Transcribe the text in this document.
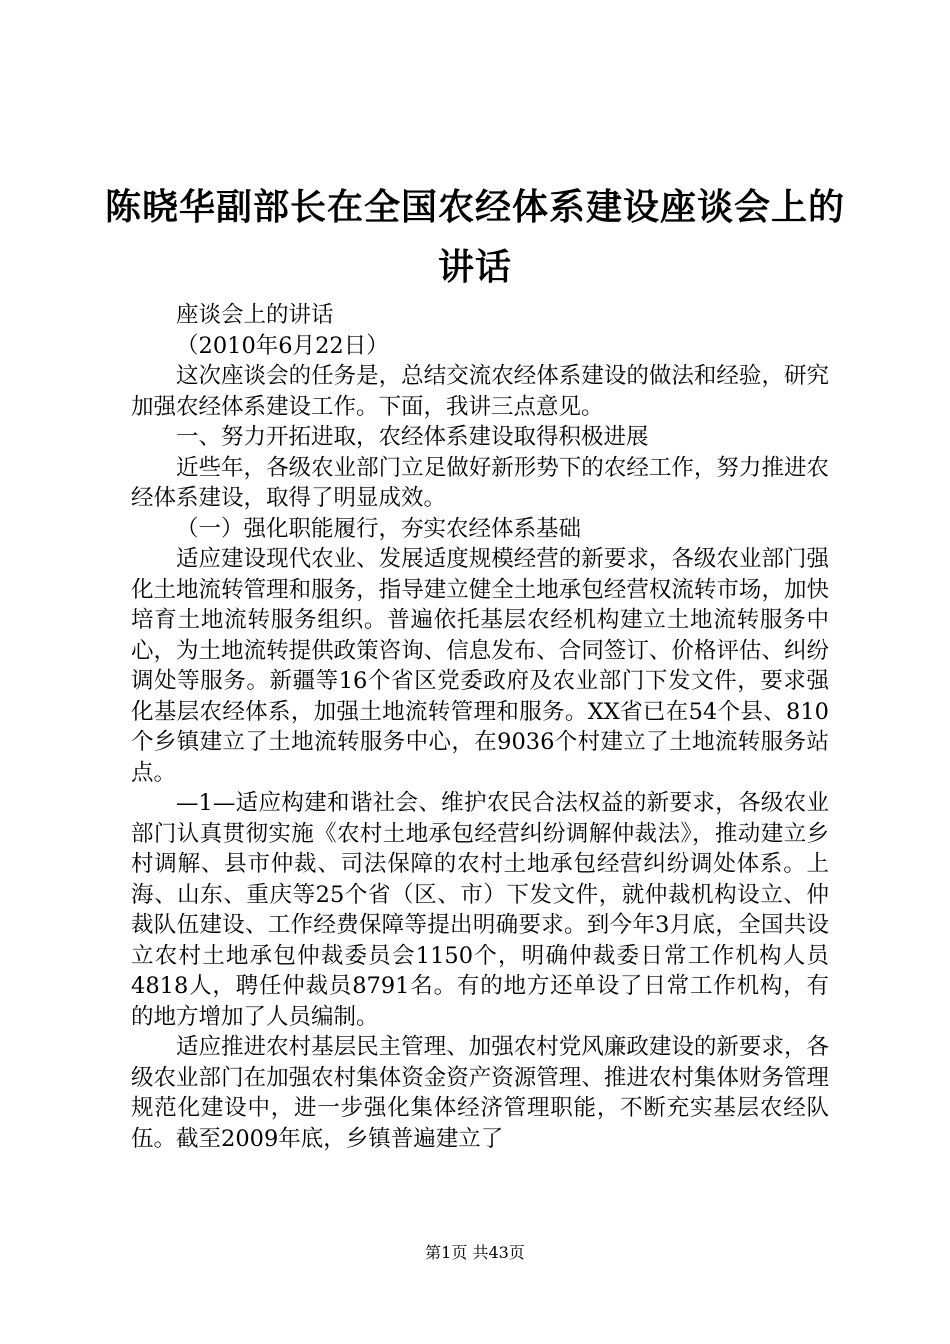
陈晓华副部长在全国农经体系建设座谈会上的讲话

座谈会上的讲话

（2010年6月22日）

这次座谈会的任务是，总结交流农经体系建设的做法和经验，研究加强农经体系建设工作。下面，我讲三点意见。

一、努力开拓进取，农经体系建设取得积极进展

近些年，各级农业部门立足做好新形势下的农经工作，努力推进农经体系建设，取得了明显成效。

（一）强化职能履行，夯实农经体系基础

适应建设现代农业、发展适度规模经营的新要求，各级农业部门强化土地流转管理和服务，指导建立健全土地承包经营权流转市场，加快培育土地流转服务组织。普遍依托基层农经机构建立土地流转服务中心，为土地流转提供政策咨询、信息发布、合同签订、价格评估、纠纷调处等服务。新疆等16个省区党委政府及农业部门下发文件，要求强化基层农经体系，加强土地流转管理和服务。XX省已在54个县、810个乡镇建立了土地流转服务中心，在9036个村建立了土地流转服务站点。

—1—适应构建和谐社会、维护农民合法权益的新要求，各级农业部门认真贯彻实施《农村土地承包经营纠纷调解仲裁法》，推动建立乡村调解、县市仲裁、司法保障的农村土地承包经营纠纷调处体系。上海、山东、重庆等25个省（区、市）下发文件，就仲裁机构设立、仲裁队伍建设、工作经费保障等提出明确要求。到今年3月底，全国共设立农村土地承包仲裁委员会1150个，明确仲裁委日常工作机构人员4818人，聘任仲裁员8791名。有的地方还单设了日常工作机构，有的地方增加了人员编制。

适应推进农村基层民主管理、加强农村党风廉政建设的新要求，各级农业部门在加强农村集体资金资产资源管理、推进农村集体财务管理规范化建设中，进一步强化集体经济管理职能，不断充实基层农经队伍。截至2009年底，乡镇普遍建立了

第1页 共43页
